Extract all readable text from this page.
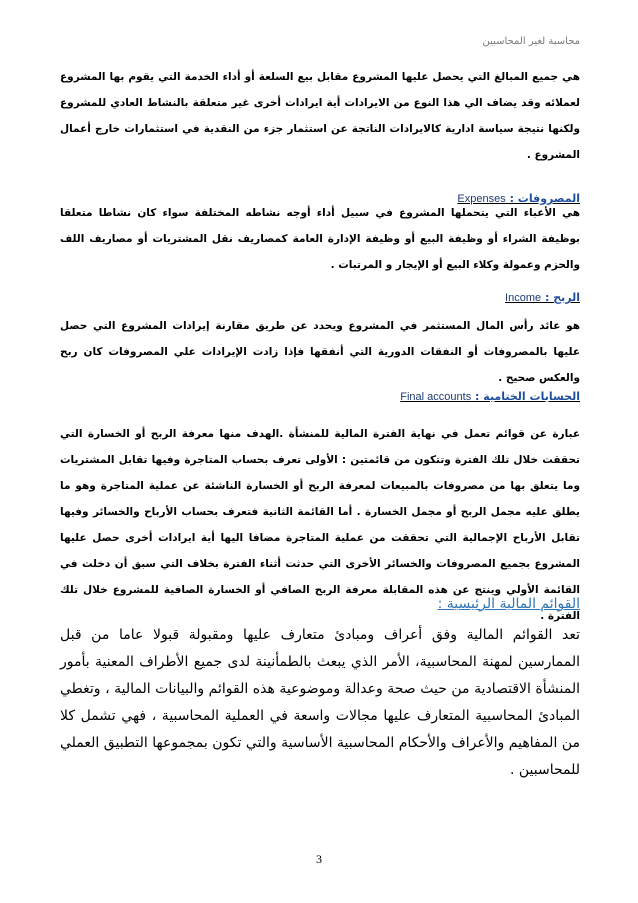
محاسبة لغير المحاسبين
هي جميع المبالغ التي يحصل عليها المشروع مقابل بيع السلعة أو أداء الخدمة التي يقوم بها المشروع لعملائه وقد يضاف الي هذا النوع من الايرادات أية ايرادات أخرى غير متعلقة بالنشاط العادي للمشروع ولكنها نتيجة سياسة ادارية كالايرادات الناتجة عن استثمار جزء من النقدية في استثمارات خارج أعمال المشروع .
المصروفات : Expenses
هي الأعباء التي يتحملها المشروع في سبيل أداء أوجه نشاطه المختلفة سواء كان نشاطا متعلقا بوظيفة الشراء أو وظيفة البيع أو وظيفة الإدارة العامة كمصاريف نقل المشتريات أو مصاريف اللف والحزم وعمولة وكلاء البيع أو الإيجار و المرتبات .
الربح : Income
هو عائد رأس المال المستثمر في المشروع ويحدد عن طريق مقارنة إيرادات المشروع التي حصل عليها بالمصروفات أو النفقات الدورية التي أنفقها فإذا زادت الإيرادات علي المصروفات كان ربح والعكس صحيح .
الحسابات الختامية : Final accounts
عبارة عن قوائم تعمل في نهاية الفترة المالية للمنشأة .الهدف منها معرفة الربح أو الخسارة التي تحققت خلال تلك الفترة وتتكون من قائمتين : الأولى تعرف بحساب المتاجرة وفيها تقابل المشتريات وما يتعلق بها من مصروفات بالمبيعات لمعرفة الربح أو الخسارة الناشئة عن عملية المتاجرة وهو ما يطلق عليه مجمل الربح أو مجمل الخسارة . أما القائمة الثانية فتعرف بحساب الأرباح والخسائر وفيها تقابل الأرباح الإجمالية التي تحققت من عملية المتاجرة مضافا اليها أية ايرادات أخرى حصل عليها المشروع بجميع المصروفات والخسائر الأخرى التي حدثت أثناء الفترة بخلاف التي سبق أن دخلت في القائمة الأولي وينتج عن هذه المقابلة معرفة الربح الصافي أو الخسارة الصافية للمشروع خلال تلك الفترة .
القوائم المالية الرئيسية :
تعد القوائم المالية وفق أعراف ومبادئ متعارف عليها ومقبولة قبولا عاما من قبل الممارسين لمهنة المحاسبية، الأمر الذي يبعث بالطمأنينة لدى جميع الأطراف المعنية بأمور المنشأة الاقتصادية من حيث صحة وعدالة وموضوعية هذه القوائم والبيانات المالية ، وتغطي المبادئ المحاسبية المتعارف عليها مجالات واسعة في العملية المحاسبية ، فهي تشمل كلا من المفاهيم والأعراف والأحكام المحاسبية الأساسية والتي تكون بمجموعها التطبيق العملي للمحاسبين .
3
